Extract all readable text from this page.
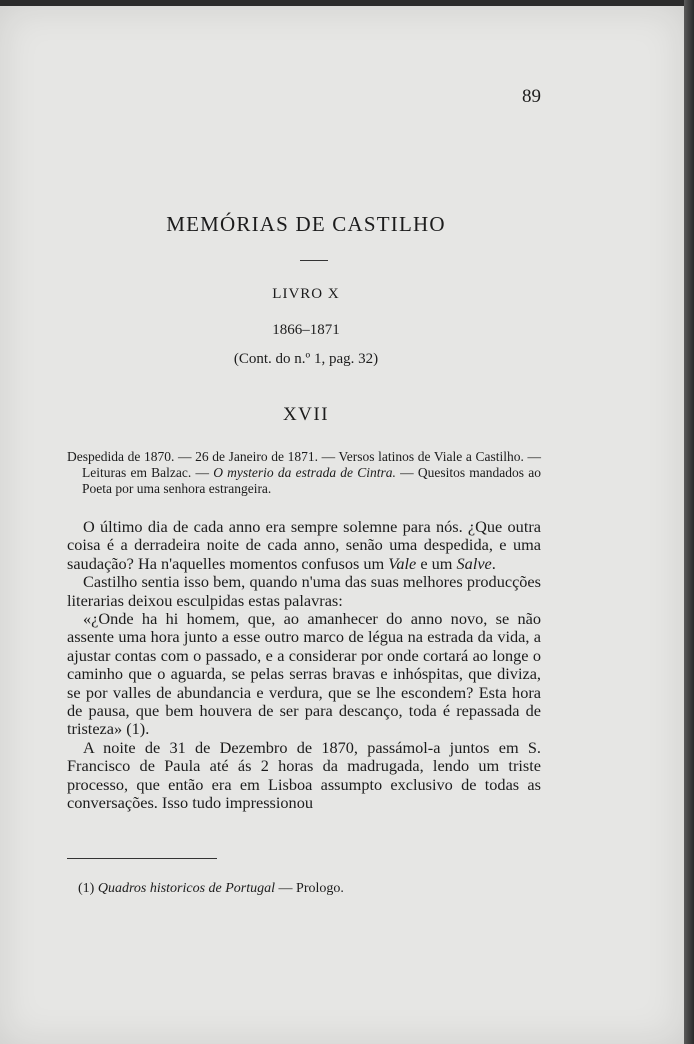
89
MEMÓRIAS DE CASTILHO
LIVRO X
1866–1871
(Cont. do n.º 1, pag. 32)
XVII
Despedida de 1870. — 26 de Janeiro de 1871. — Versos latinos de Viale a Castilho. — Leituras em Balzac. — O mysterio da estrada de Cintra. — Quesitos mandados ao Poeta por uma senhora estrangeira.

O último dia de cada anno era sempre solemne para nós. ¿Que outra coisa é a derradeira noite de cada anno, senão uma despedida, e uma saudação? Ha n'aquelles momentos confusos um Vale e um Salve.

Castilho sentia isso bem, quando n'uma das suas melhores producções literarias deixou esculpidas estas palavras:

«¿Onde ha hi homem, que, ao amanhecer do anno novo, se não assente uma hora junto a esse outro marco de légua na estrada da vida, a ajustar contas com o passado, e a considerar por onde cortará ao longe o caminho que o aguarda, se pelas serras bravas e inhóspitas, que diviza, se por valles de abundancia e verdura, que se lhe escondem? Esta hora de pausa, que bem houvera de ser para descanço, toda é repassada de tristeza» (1).

A noite de 31 de Dezembro de 1870, passámol-a juntos em S. Francisco de Paula até ás 2 horas da madrugada, lendo um triste processo, que então era em Lisboa assumpto exclusivo de todas as conversações. Isso tudo impressionou

(1) Quadros historicos de Portugal — Prologo.
